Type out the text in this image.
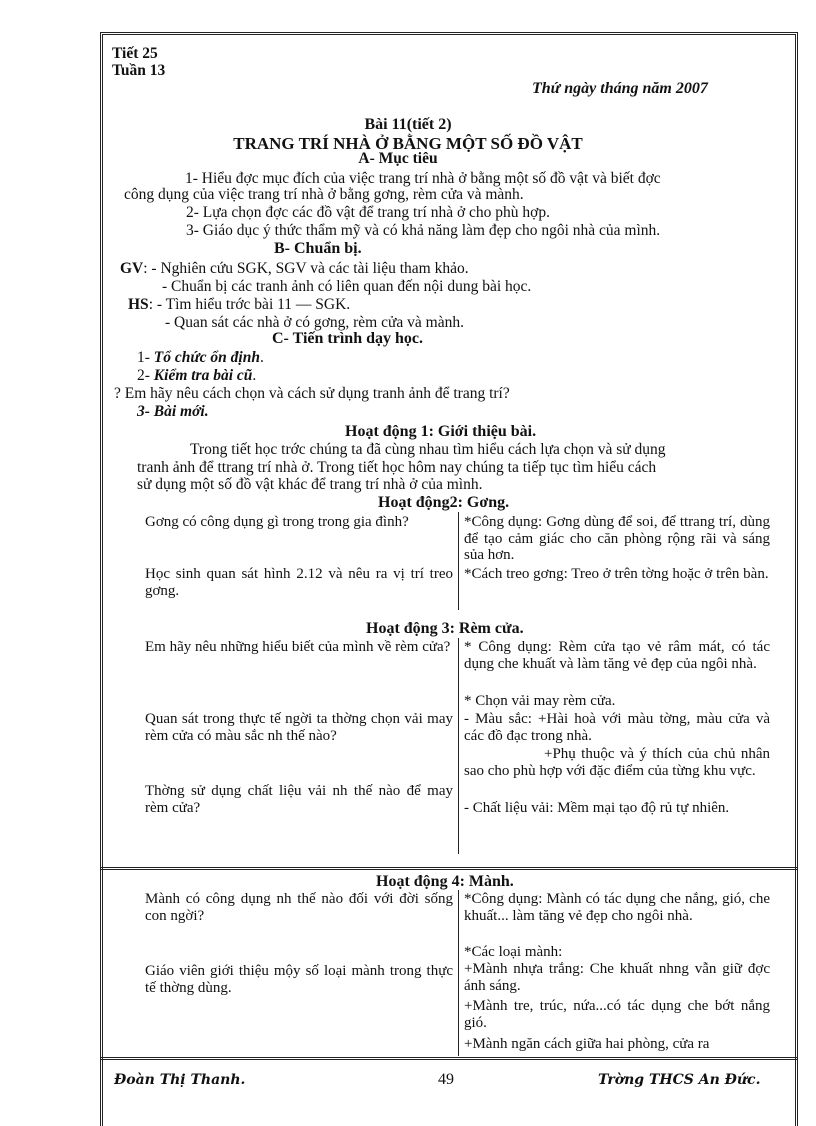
Tiết 25
Tuần 13
Thứ ngày tháng năm 2007
Bài 11(tiết 2)
TRANG TRÍ NHÀ Ở BẰNG MỘT SỐ ĐỒ VẬT
A- Mục tiêu
1- Hiểu đợc mục đích của việc trang trí nhà ở bằng một số đồ vật và biết đợc
công dụng của việc trang trí nhà ở bằng gơng, rèm cửa và mành.
2- Lựa chọn đợc các đồ vật để trang trí nhà ở cho phù hợp.
3- Giáo dục ý thức thẩm mỹ và có khả năng làm đẹp cho ngôi nhà của mình.
B- Chuẩn bị.
GV: - Nghiên cứu SGK, SGV và các tài liệu tham khảo.
- Chuẩn bị các tranh ảnh có liên quan đến nội dung bài học.
HS: - Tìm hiểu trớc bài 11 — SGK.
- Quan sát các nhà ở có gơng, rèm cửa và mành.
C- Tiến trình dạy học.
1- Tổ chức ổn định.
2- Kiểm tra bài cũ.
? Em hãy nêu cách chọn và cách sử dụng tranh ảnh để trang trí?
3- Bài mới.
Hoạt động 1: Giới thiệu bài.
Trong tiết học trớc chúng ta đã cùng nhau tìm hiểu cách lựa chọn và sử dụng
tranh ảnh để ttrang trí nhà ở. Trong tiết học hôm nay chúng ta tiếp tục tìm hiểu cách
sử dụng một số đồ vật khác để trang trí nhà ở của mình.
Hoạt động2: Gơng.
Gơng có công dụng gì trong trong gia đình?
Học sinh quan sát hình 2.12 và nêu ra vị trí treo gơng.
*Công dụng: Gơng dùng để soi, để ttrang trí, dùng để tạo cảm giác cho căn phòng rộng rãi và sáng sủa hơn.
*Cách treo gơng: Treo ở trên tờng hoặc ở trên bàn.
Hoạt động 3: Rèm cửa.
Em hãy nêu những hiểu biết của mình về rèm cửa?
Quan sát trong thực tế ngời ta thờng chọn vải may rèm cửa có màu sắc nh thế nào?
Thờng sử dụng chất liệu vải nh thế nào để may rèm cửa?
* Công dụng: Rèm cửa tạo vẻ râm mát, có tác dụng che khuất và làm tăng vẻ đẹp của ngôi nhà.
* Chọn vải may rèm cửa.
- Màu sắc: +Hài hoà với màu tờng, màu cửa và các đồ đạc trong nhà.
+Phụ thuộc và ý thích của chủ nhân sao cho phù hợp với đặc điểm của từng khu vực.
- Chất liệu vải: Mềm mại tạo độ rủ tự nhiên.
Hoạt động 4: Mành.
Mành có công dụng nh thế nào đối với đời sống con ngời?
Giáo viên giới thiệu mộy số loại mành trong thực tế thờng dùng.
*Công dụng: Mành có tác dụng che nắng, gió, che khuất... làm tăng vẻ đẹp cho ngôi nhà.
*Các loại mành:
+Mành nhựa trắng: Che khuất nhng vẫn giữ đợc ánh sáng.
+Mành tre, trúc, nứa...có tác dụng che bớt nắng gió.
+Mành ngăn cách giữa hai phòng, cửa ra
Đoàn Thị Thanh.	49	Trờng THCS An Đức.
